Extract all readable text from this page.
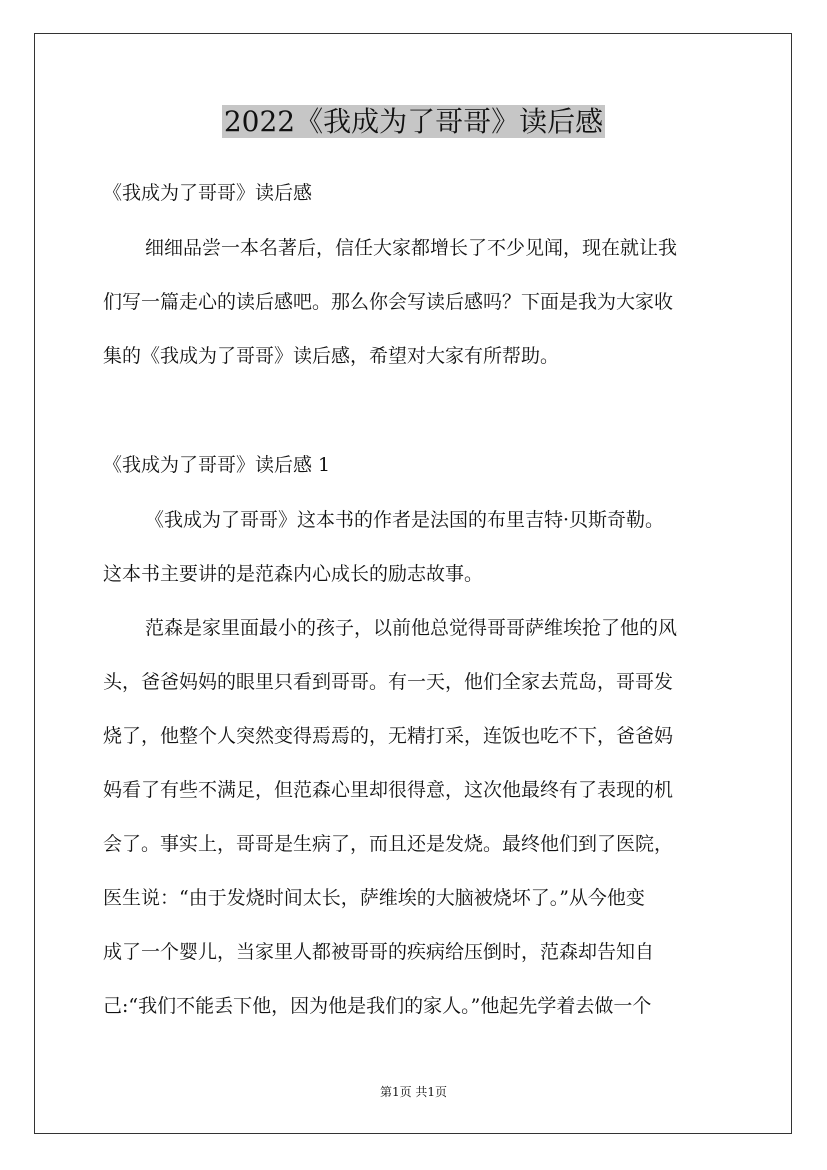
2022《我成为了哥哥》读后感
《我成为了哥哥》读后感
细细品尝一本名著后，信任大家都增长了不少见闻，现在就让我
们写一篇走心的读后感吧。那么你会写读后感吗？下面是我为大家收
集的《我成为了哥哥》读后感，希望对大家有所帮助。
《我成为了哥哥》读后感 1
《我成为了哥哥》这本书的作者是法国的布里吉特·贝斯奇勒。
这本书主要讲的是范森内心成长的励志故事。
范森是家里面最小的孩子，以前他总觉得哥哥萨维埃抢了他的风
头，爸爸妈妈的眼里只看到哥哥。有一天，他们全家去荒岛，哥哥发
烧了，他整个人突然变得焉焉的，无精打采，连饭也吃不下，爸爸妈
妈看了有些不满足，但范森心里却很得意，这次他最终有了表现的机
会了。事实上，哥哥是生病了，而且还是发烧。最终他们到了医院，
医生说：“由于发烧时间太长，萨维埃的大脑被烧坏了。”从今他变
成了一个婴儿，当家里人都被哥哥的疾病给压倒时，范森却告知自
己:“我们不能丢下他，因为他是我们的家人。”他起先学着去做一个
第1页 共1页
